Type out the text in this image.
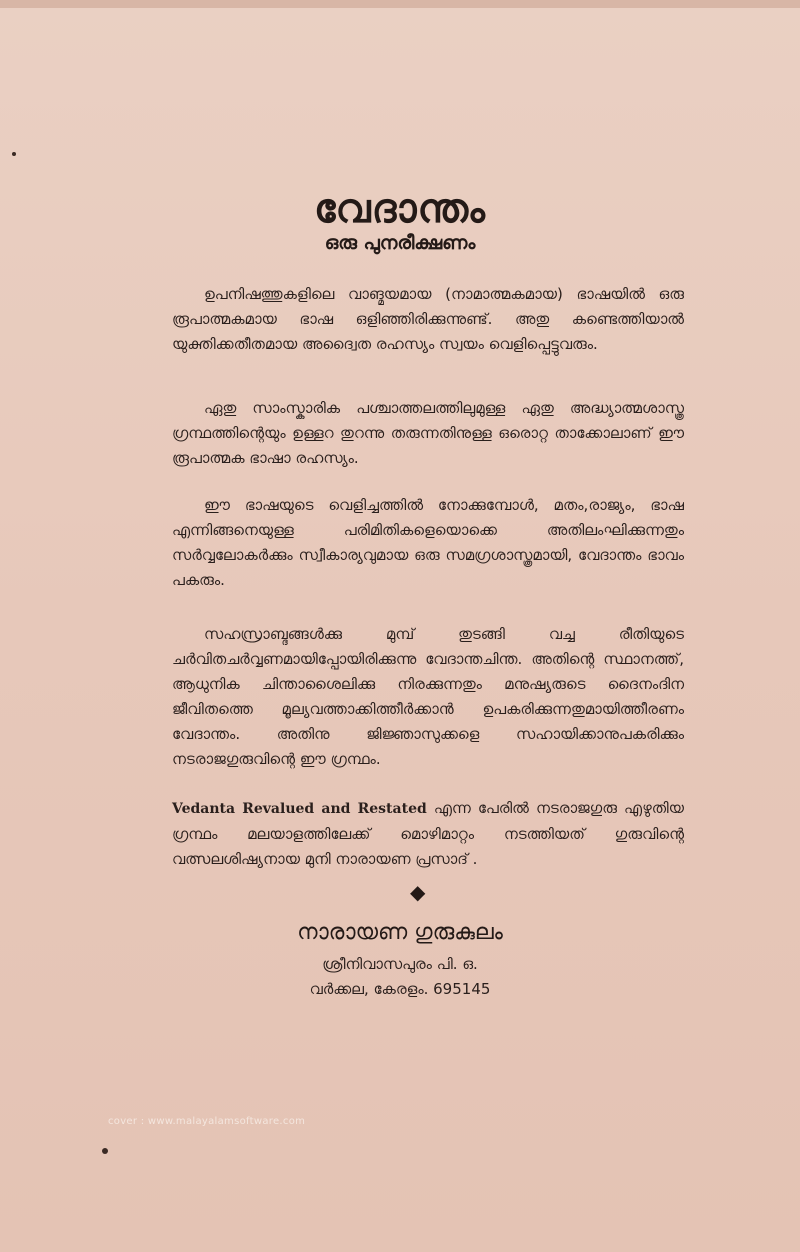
വേദാന്തം
ഒരു പുനരീക്ഷണം

ഉപനിഷത്തുകളിലെ വാങ്മയമായ (നാമാത്മകമായ) ഭാഷയിൽ ഒരു രൂപാത്മകമായ ഭാഷ ഒളിഞ്ഞിരിക്കുന്നുണ്ട്. അതു കണ്ടെത്തിയാൽ യുക്തിക്കതീതമായ അദ്വൈത രഹസ്യം സ്വയം വെളിപ്പെട്ടുവരും.

ഏതു സാംസ്കാരിക പശ്ചാത്തലത്തിലുമുള്ള ഏതു അദ്ധ്യാത്മശാസ്ത്ര ഗ്രന്ഥത്തിന്റെയും ഉള്ളറ തുറന്നു തരുന്നതിനുള്ള ഒരൊറ്റ താക്കോലാണ് ഈ രൂപാത്മക ഭാഷാ രഹസ്യം.

ഈ ഭാഷയുടെ വെളിച്ചത്തിൽ നോക്കുമ്പോൾ, മതം,രാജ്യം, ഭാഷ എന്നിങ്ങനെയുള്ള പരിമിതികളെയൊക്കെ അതിലംഘിക്കുന്നതും സർവ്വലോകർക്കും സ്വീകാര്യവുമായ ഒരു സമഗ്രശാസ്ത്രമായി, വേദാന്തം ഭാവം പകരും.

സഹസ്രാബ്ദങ്ങൾക്കു മുമ്പ് തുടങ്ങി വച്ച രീതിയുടെ ചർവിതചർവ്വണമായിപ്പോയിരിക്കുന്നു വേദാന്തചിന്ത. അതിന്റെ സ്ഥാനത്ത്, ആധുനിക ചിന്താശൈലിക്കു നിരക്കുന്നതും മനുഷ്യരുടെ ദൈനംദിന ജീവിതത്തെ മൂല്യവത്താക്കിത്തീർക്കാൻ ഉപകരിക്കുന്നതുമായിത്തീരണം വേദാന്തം. അതിനു ജിജ്ഞാസുക്കളെ സഹായിക്കാനുപകരിക്കും നടരാജഗുരുവിന്റെ ഈ ഗ്രന്ഥം.

Vedanta Revalued and Restated എന്ന പേരിൽ നടരാജഗുരു എഴുതിയ ഗ്രന്ഥം മലയാളത്തിലേക്ക് മൊഴിമാറ്റം നടത്തിയത് ഗുരുവിന്റെ വത്സലശിഷ്യനായ മുനി നാരായണ പ്രസാദ് .

◆
നാരായണ ഗുരുകുലം
ശ്രീനിവാസപുരം പി. ഒ.
വർക്കല, കേരളം. 695145
cover : www.malayalamsoftware.com
